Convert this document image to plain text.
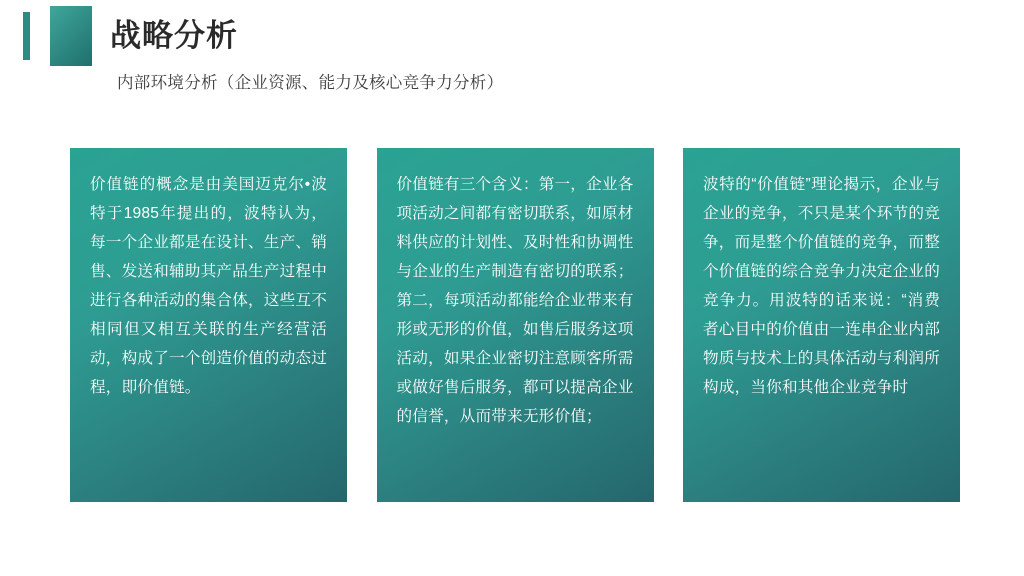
战略分析
内部环境分析（企业资源、能力及核心竞争力分析）
价值链的概念是由美国迈克尔•波特于1985年提出的，波特认为，每一个企业都是在设计、生产、销售、发送和辅助其产品生产过程中进行各种活动的集合体，这些互不相同但又相互关联的生产经营活动，构成了一个创造价值的动态过程，即价值链。
价值链有三个含义：第一，企业各项活动之间都有密切联系，如原材料供应的计划性、及时性和协调性与企业的生产制造有密切的联系；第二，每项活动都能给企业带来有形或无形的价值，如售后服务这项活动，如果企业密切注意顾客所需或做好售后服务，都可以提高企业的信誉，从而带来无形价值；
波特的“价值链”理论揭示，企业与企业的竞争，不只是某个环节的竞争，而是整个价值链的竞争，而整个价值链的综合竞争力决定企业的竞争力。用波特的话来说：“消费者心目中的价值由一连串企业内部物质与技术上的具体活动与利润所构成，当你和其他企业竞争时
